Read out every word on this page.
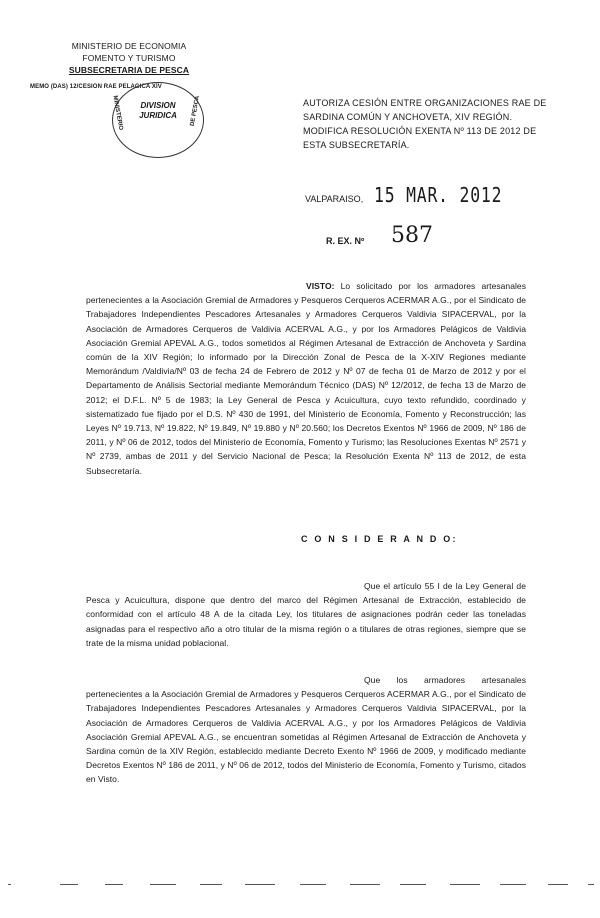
MINISTERIO DE ECONOMIA
FOMENTO Y TURISMO
SUBSECRETARIA DE PESCA
MEMO (DAS) 12/CESION RAE PELAGICA XIV
DIVISION JURIDICA
MINISTERIO	DE PESCA	AUTORIZA CESIÓN ENTRE ORGANIZACIONES RAE DE SARDINA COMÚN Y ANCHOVETA, XIV REGIÓN. MODIFICA RESOLUCIÓN EXENTA Nº 113 DE 2012 DE ESTA SUBSECRETARÍA.
VALPARAISO, 15 MAR. 2012
R. EX. Nº 587
VISTO: Lo solicitado por los armadores artesanales pertenecientes a la Asociación Gremial de Armadores y Pesqueros Cerqueros ACERMAR A.G., por el Sindicato de Trabajadores Independientes Pescadores Artesanales y Armadores Cerqueros Valdivia SIPACERVAL, por la Asociación de Armadores Cerqueros de Valdivia ACERVAL A.G., y por los Armadores Pelágicos de Valdivia Asociación Gremial APEVAL A.G., todos sometidos al Régimen Artesanal de Extracción de Anchoveta y Sardina común de la XIV Región; lo informado por la Dirección Zonal de Pesca de la X-XIV Regiones mediante Memorándum /Valdivia/Nº 03 de fecha 24 de Febrero de 2012 y Nº 07 de fecha 01 de Marzo de 2012 y por el Departamento de Análisis Sectorial mediante Memorándum Técnico (DAS) Nº 12/2012, de fecha 13 de Marzo de 2012; el D.F.L. Nº 5 de 1983; la Ley General de Pesca y Acuicultura, cuyo texto refundido, coordinado y sistematizado fue fijado por el D.S. Nº 430 de 1991, del Ministerio de Economía, Fomento y Reconstrucción; las Leyes Nº 19.713, Nº 19.822, Nº 19.849, Nº 19.880 y Nº 20.560; los Decretos Exentos Nº 1966 de 2009, Nº 186 de 2011, y Nº 06 de 2012, todos del Ministerio de Economía, Fomento y Turismo; las Resoluciones Exentas Nº 2571 y Nº 2739, ambas de 2011 y del Servicio Nacional de Pesca; la Resolución Exenta Nº 113 de 2012, de esta Subsecretaría.
C O N S I D E R A N D O:
Que el artículo 55 I de la Ley General de Pesca y Acuicultura, dispone que dentro del marco del Régimen Artesanal de Extracción, establecido de conformidad con el artículo 48 A de la citada Ley, los titulares de asignaciones podrán ceder las toneladas asignadas para el respectivo año a otro titular de la misma región o a titulares de otras regiones, siempre que se trate de la misma unidad poblacional.
Que los armadores artesanales pertenecientes a la Asociación Gremial de Armadores y Pesqueros Cerqueros ACERMAR A.G., por el Sindicato de Trabajadores Independientes Pescadores Artesanales y Armadores Cerqueros Valdivia SIPACERVAL, por la Asociación de Armadores Cerqueros de Valdivia ACERVAL A.G., y por los Armadores Pelágicos de Valdivia Asociación Gremial APEVAL A.G., se encuentran sometidas al Régimen Artesanal de Extracción de Anchoveta y Sardina común de la XIV Región, establecido mediante Decreto Exento Nº 1966 de 2009, y modificado mediante Decretos Exentos Nº 186 de 2011, y Nº 06 de 2012, todos del Ministerio de Economía, Fomento y Turismo, citados en Visto.
